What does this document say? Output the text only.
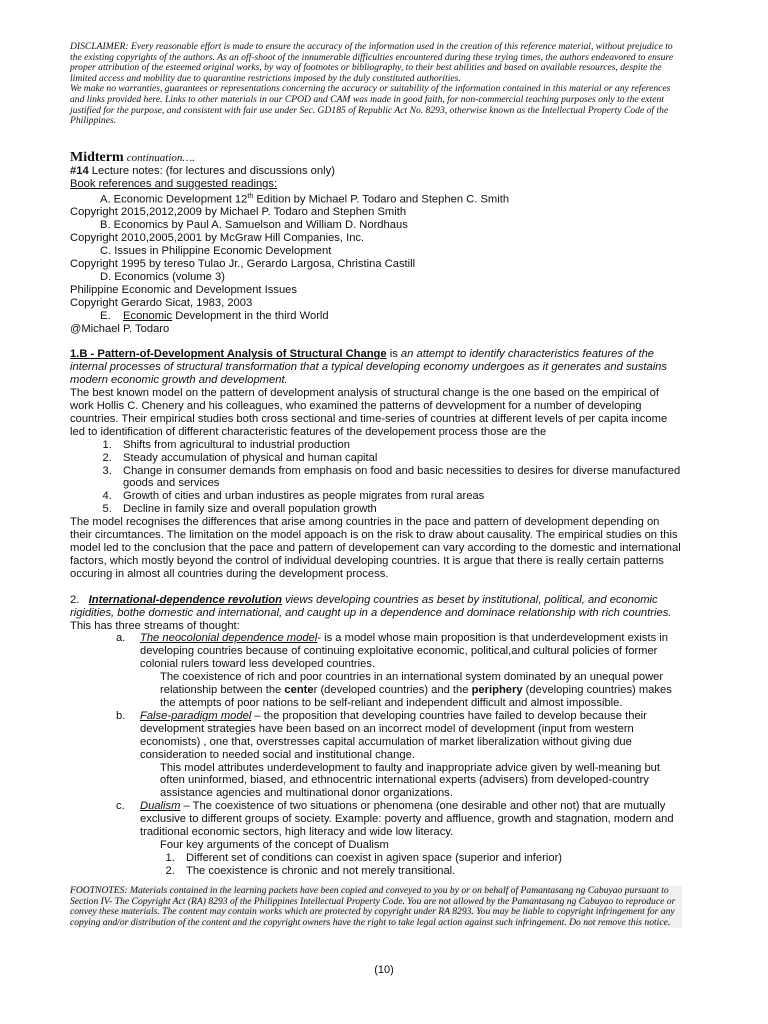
DISCLAIMER: Every reasonable effort is made to ensure the accuracy of the information used in the creation of this reference material, without prejudice to the existing copyrights of the authors. As an off-shoot of the innumerable difficulties encountered during these trying times, the authors endeavored to ensure proper attribution of the esteemed original works, by way of footnotes or bibliography, to their best abilities and based on available resources, despite the limited access and mobility due to quarantine restrictions imposed by the duly constituted authorities.

We make no warranties, guarantees or representations concerning the accuracy or suitability of the information contained in this material or any references and links provided here. Links to other materials in our CPOD and CAM was made in good faith, for non-commercial teaching purposes only to the extent justified for the purpose, and consistent with fair use under Sec. GD185 of Republic Act No. 8293, otherwise known as the Intellectual Property Code of the Philippines.

Midterm continuation….

#14 Lecture notes: (for lectures and discussions only)

Book references and suggested readings:

A. Economic Development 12th Edition by Michael P. Todaro and Stephen C. Smith

Copyright 2015,2012,2009 by Michael P. Todaro and Stephen Smith

B. Economics by Paul A. Samuelson and William D. Nordhaus

Copyright 2010,2005,2001 by McGraw Hill Companies, Inc.

C. Issues in Philippine Economic Development

Copyright 1995 by tereso Tulao Jr., Gerardo Largosa, Christina Castill

D. Economics (volume 3)

Philippine Economic and Development Issues

Copyright Gerardo Sicat, 1983, 2003

E.    Economic Development in the third World

@Michael P. Todaro

1.B - Pattern-of-Development Analysis of Structural Change is an attempt to identify characteristics features of the internal processes of structural transformation that a typical developing economy undergoes as it generates and sustains modern economic growth and development.

The best known model on the pattern of development analysis of structural change is the one based on the empirical of work Hollis C. Chenery and his colleagues, who examined the patterns of devvelopment for a number of developing countries. Their empirical studies both cross sectional and time-series of countries at different levels of per capita income led to identification of different characteristic features of the developement process those are the

1. Shifts from agricultural to industrial production
2. Steady accumulation of physical and human capital
3. Change in consumer demands from emphasis on food and basic necessities to desires for diverse manufactured goods and services
4. Growth of cities and urban industires as people migrates from rural areas
5. Decline in family size and overall population growth

The model recognises the differences that arise among countries in the pace and pattern of development depending on their circumtances. The limitation on the model appoach is on the risk to draw about causality. The empirical studies on this model led to the conclusion that the pace and pattern of developement can vary according to the domestic and international factors, which mostly beyond the control of individual developing countries. It is argue that there is really certain patterns occuring in almost all countries during the development process.

2.   International-dependence revolution views developing countries as beset by institutional, political, and economic rigidities, bothe domestic and international, and caught up in a dependence and dominace relationship with rich countries. This has three streams of thought:

a. The neocolonial dependence model- is a model whose main proposition is that underdevelopment exists in developing countries because of continuing exploitative economic, political,and cultural policies of former colonial rulers toward less developed countries.
The coexistence of rich and poor countries in an international system dominated by an unequal power relationship between the center (developed countries) and the periphery (developing countries) makes the attempts of poor nations to be self-reliant and independent difficult and almost impossible.
b. False-paradigm model – the proposition that developing countries have failed to develop because their development strategies have been based on an incorrect model of development (input from western economists) , one that, overstresses capital accumulation of market liberalization without giving due consideration to needed social and institutional change.
This model attributes underdevelopment to faulty and inappropriate advice given by well-meaning but often uninformed, biased, and ethnocentric international experts (advisers) from developed-country assistance agencies and multinational donor organizations.
c. Dualism – The coexistence of two situations or phenomena (one desirable and other not) that are mutually exclusive to different groups of society. Example: poverty and affluence, growth and stagnation, modern and traditional economic sectors, high literacy and wide low literacy.
Four key arguments of the concept of Dualism
1. Different set of conditions can coexist in agiven space (superior and inferior)
2. The coexistence is chronic and not merely transitional.

FOOTNOTES: Materials contained in the learning packets have been copied and conveyed to you by or on behalf of Pamantasang ng Cabuyao pursuant to Section IV- The Copyright Act (RA) 8293 of the Philippines Intellectual Property Code. You are not allowed by the Pamantasang ng Cabuyao to reproduce or convey these materials. The content may contain works which are protected by copyright under RA 8293. You may be liable to copyright infringement for any copying and/or distribution of the content and the copyright owners have the right to take legal action against such infringement. Do not remove this notice.

(10)
